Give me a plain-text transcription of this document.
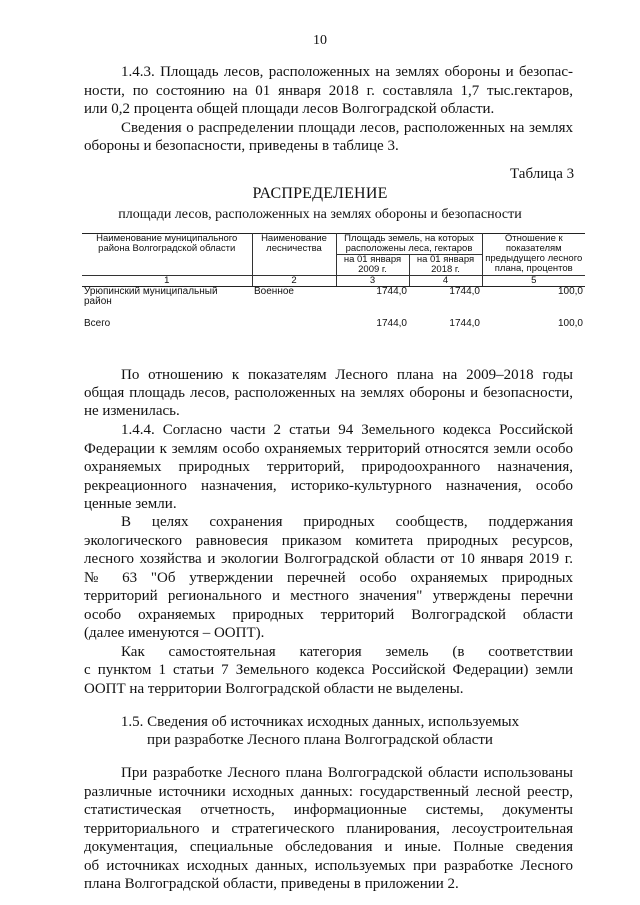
10
1.4.3. Площадь лесов, расположенных на землях обороны и безопас-
ности, по состоянию на 01 января 2018 г. составляла 1,7 тыс.гектаров,
или 0,2 процента общей площади лесов Волгоградской области.
Сведения о распределении площади лесов, расположенных на землях
обороны и безопасности, приведены в таблице 3.
Таблица 3
РАСПРЕДЕЛЕНИЕ
площади лесов, расположенных на землях обороны и безопасности
Наименование муниципального района Волгоградской области	Наименование лесничества	Площадь земель, на которых расположены леса, гектаров		Отношение к показателям предыдущего лесного плана, процентов
		на 01 января 2009 г.	на 01 января 2018 г.	
1	2	3	4	5
Урюпинский муниципальный район	Военное	1744,0	1744,0	100,0
Всего		1744,0	1744,0	100,0
По отношению к показателям Лесного плана на 2009–2018 годы
общая площадь лесов, расположенных на землях обороны и безопасности,
не изменилась.
1.4.4. Согласно части 2 статьи 94 Земельного кодекса Российской
Федерации к землям особо охраняемых территорий относятся земли особо
охраняемых природных территорий, природоохранного назначения,
рекреационного назначения, историко-культурного назначения, особо
ценные земли.
В целях сохранения природных сообществ, поддержания
экологического равновесия приказом комитета природных ресурсов,
лесного хозяйства и экологии Волгоградской области от 10 января 2019 г.
№ 63 "Об утверждении перечней особо охраняемых природных
территорий регионального и местного значения" утверждены перечни
особо охраняемых природных территорий Волгоградской области
(далее именуются – ООПТ).
Как самостоятельная категория земель (в соответствии
с пунктом 1 статьи 7 Земельного кодекса Российской Федерации) земли
ООПТ на территории Волгоградской области не выделены.
1.5. Сведения об источниках исходных данных, используемых
при разработке Лесного плана Волгоградской области
При разработке Лесного плана Волгоградской области использованы
различные источники исходных данных: государственный лесной реестр,
статистическая отчетность, информационные системы, документы
территориального и стратегического планирования, лесоустроительная
документация, специальные обследования и иные. Полные сведения
об источниках исходных данных, используемых при разработке Лесного
плана Волгоградской области, приведены в приложении 2.
